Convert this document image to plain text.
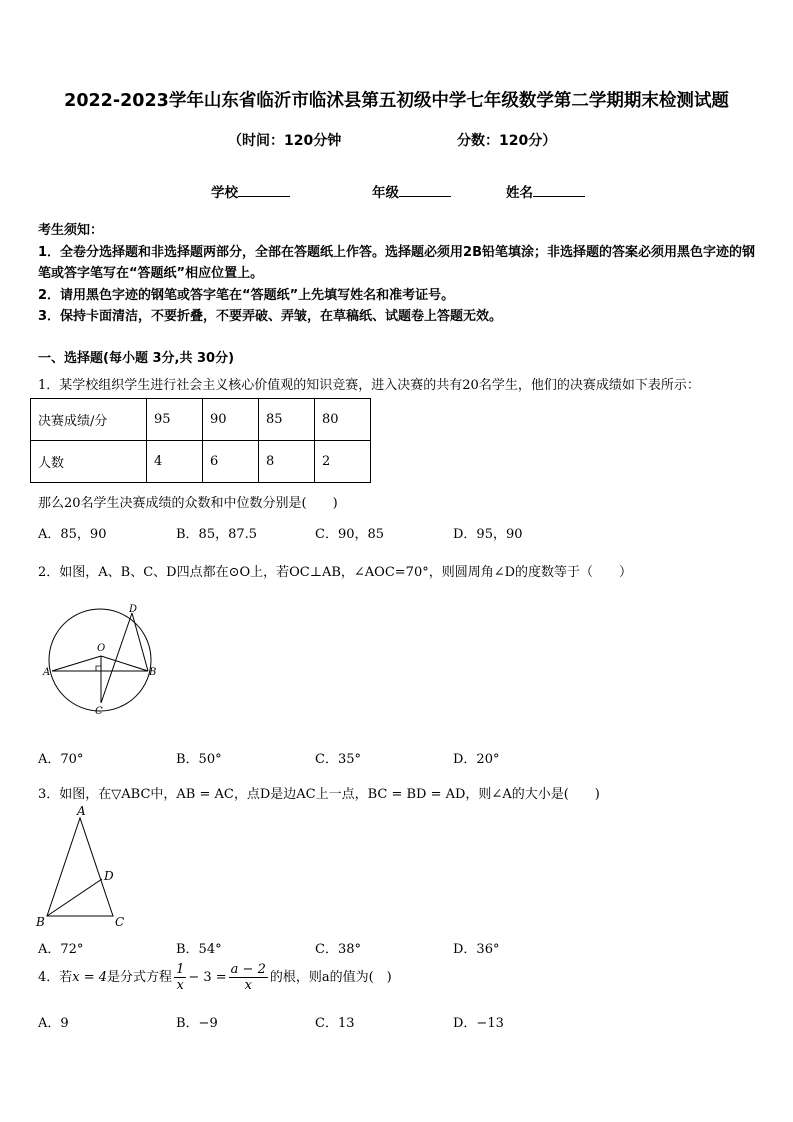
2022-2023学年山东省临沂市临沭县第五初级中学七年级数学第二学期期末检测试题
（时间：120分钟	分数：120分）
学校	年级	姓名

考生须知：

1．全卷分选择题和非选择题两部分，全部在答题纸上作答。选择题必须用2B铅笔填涂；非选择题的答案必须用黑色字迹的钢笔或答字笔写在“答题纸”相应位置上。

2．请用黑色字迹的钢笔或答字笔在“答题纸”上先填写姓名和准考证号。

3．保持卡面清洁，不要折叠，不要弄破、弄皱，在草稿纸、试题卷上答题无效。

一、选择题(每小题 3分,共 30分)
1．某学校组织学生进行社会主义核心价值观的知识竞赛，进入决赛的共有20名学生，他们的决赛成绩如下表所示：
决赛成绩/分	95	90	85	80
人数	4	6	8	2
那么20名学生决赛成绩的众数和中位数分别是(　　)
A．85，90	B．85，87.5	C．90，85	D．95，90
2．如图，A、B、C、D四点都在⊙O上，若OC⊥AB，∠AOC=70°，则圆周角∠D的度数等于（　　）
D
O
A	B
C
A．70°	B．50°	C．35°	D．20°
3．如图，在▽ABC中，AB = AC，点D是边AC上一点，BC = BD = AD，则∠A的大小是(　　)
A
D
B	C
A．72°	B．54°	C．38°	D．36°
4．若x = 4是分式方程 $\frac{1}{x} - 3 = \frac{a - 2}{x}$ 的根，则a的值为(　)
A．9	B．−9	C．13	D．−13
